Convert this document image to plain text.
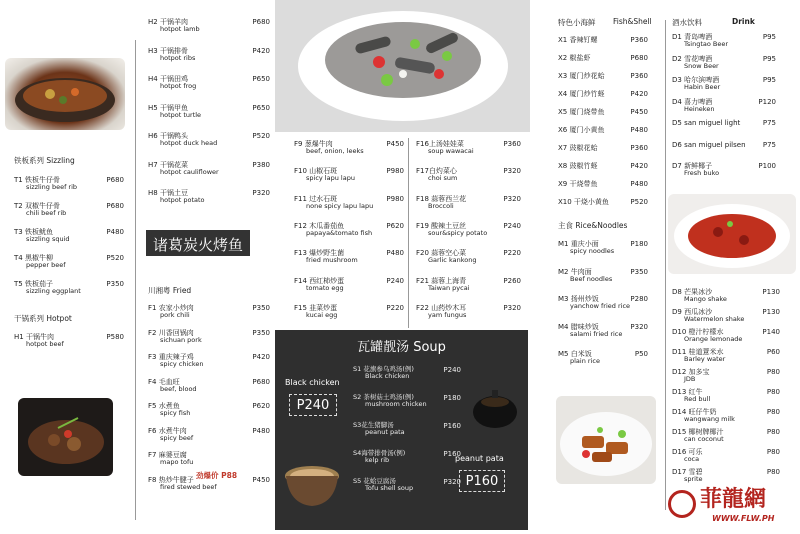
铁板系列 Sizzling
T1 铁板牛仔骨
sizzling beef rib
P680
T2 双椒牛仔骨
chili beef rib
P680
T3 铁板鱿鱼
sizzling squid
P480
T4 黑椒牛柳
pepper beef
P520
T5 铁板茄子
sizzling eggplant
P350
干锅系列 Hotpot
H1 干锅牛肉
hotpot beef
P580
H2 干锅羊肉
hotpot lamb
P680
H3 干锅排骨
hotpot ribs
P420
H4 干锅田鸡
hotpot frog
P650
H5 干锅甲鱼
hotpot turtle
P650
H6 干锅鸭头
hotpot duck head
P520
H7 干锅花菜
hotpot cauliflower
P380
H8 干锅土豆
hotpot potato
P320
诸葛炭火烤鱼
川湘粤 Fried
F1 农家小炒肉
pork chili
P350
F2 川香回锅肉
sichuan pork
P350
F3 重庆辣子鸡
spicy chicken
P420
F4 毛血旺
beef, blood
P680
F5 水煮鱼
spicy fish
P620
F6 水煮牛肉
spicy beef
P480
F7 麻婆豆腐
mapo tofu
F8 热炒牛腱子
fired stewed beef
P450
劲爆价 P88
F9 葱爆牛肉
beef, onion, leeks
P450
F10 山椒石斑
spicy lapu lapu
P980
F11 过水石斑
none spicy lapu lapu
P980
F12 木瓜番茄鱼
papaya&tomato fish
P620
F13 爆炒野生菌
fried mushroom
P480
F14 西红柿炒蛋
tomato egg
P240
F15 韭菜炒蛋
kucai egg
P220
F16上汤娃娃菜
soup wawacai
P360
F17白灼菜心
choi sum
P320
F18 蒜蓉西兰花
Broccoli
P320
F19 酸辣土豆丝
sour&spicy potato
P240
F20 蒜蓉空心菜
Garlic kankong
P220
F21 蒜蓉上海青
Taiwan pycai
P260
F22 山药炒木耳
yam fungus
P320
瓦罐靓汤 Soup
Black chicken
P240
S1 花旗参乌鸡汤(例)
Black chicken
P240
S2 茶树菇土鸡汤(例)
mushroom chicken
P180
S3花生猪脚汤
peanut pata
P160
S4海带排骨汤(例)
kelp rib
P160
S5 花蛤豆腐汤
Tofu shell soup
P320
peanut pata
P160
特色小海鲜 Fish&Shell
X1 香辣钉螺	P360
X2 椒盐虾	P680
X3 厦门炒花蛤	P360
X4 厦门炒竹蛏	P420
X5 厦门烧带鱼	P450
X6 厦门小黄鱼	P480
X7 豉椒花蛤	P360
X8 豉椒竹蛏	P420
X9 干烧带鱼	P480
X10 干烧小黄鱼	P520
主食 Rice&Noodles
M1 重庆小面
spicy noodles
P180
M2 牛肉面
Beef noodles
P350
M3 扬州炒饭
yanchow fried rice
P280
M4 腊味炒饭
salami fried rice
P320
M5 白米饭
plain rice
P50
酒水饮料	Drink
D1 青岛啤酒
Tsingtao Beer
P95
D2 雪花啤酒
Snow Beer
P95
D3 哈尔滨啤酒
Habin Beer
P95
D4 喜力啤酒
Heineken
P120
D5 san miguel light	P75
D6 san miguel pilsen	P75
D7 新鲜椰子
Fresh buko
P100
D8 芒果冰沙
Mango shake
P130
D9 西瓜冰沙
Watermelon shake
P130
D10 橙汁柠檬水
Orange lemonade
P140
D11 桂道薏米水
Barley water
P60
D12 加多宝
JDB
P80
D13 红牛
Red bull
P80
D14 旺仔牛奶
wangwang milk
P80
D15 椰树牌椰汁
can coconut
P80
D16 可乐
coca
P80
D17 雪碧
sprite
P80
菲龍網
WWW.FLW.PH
